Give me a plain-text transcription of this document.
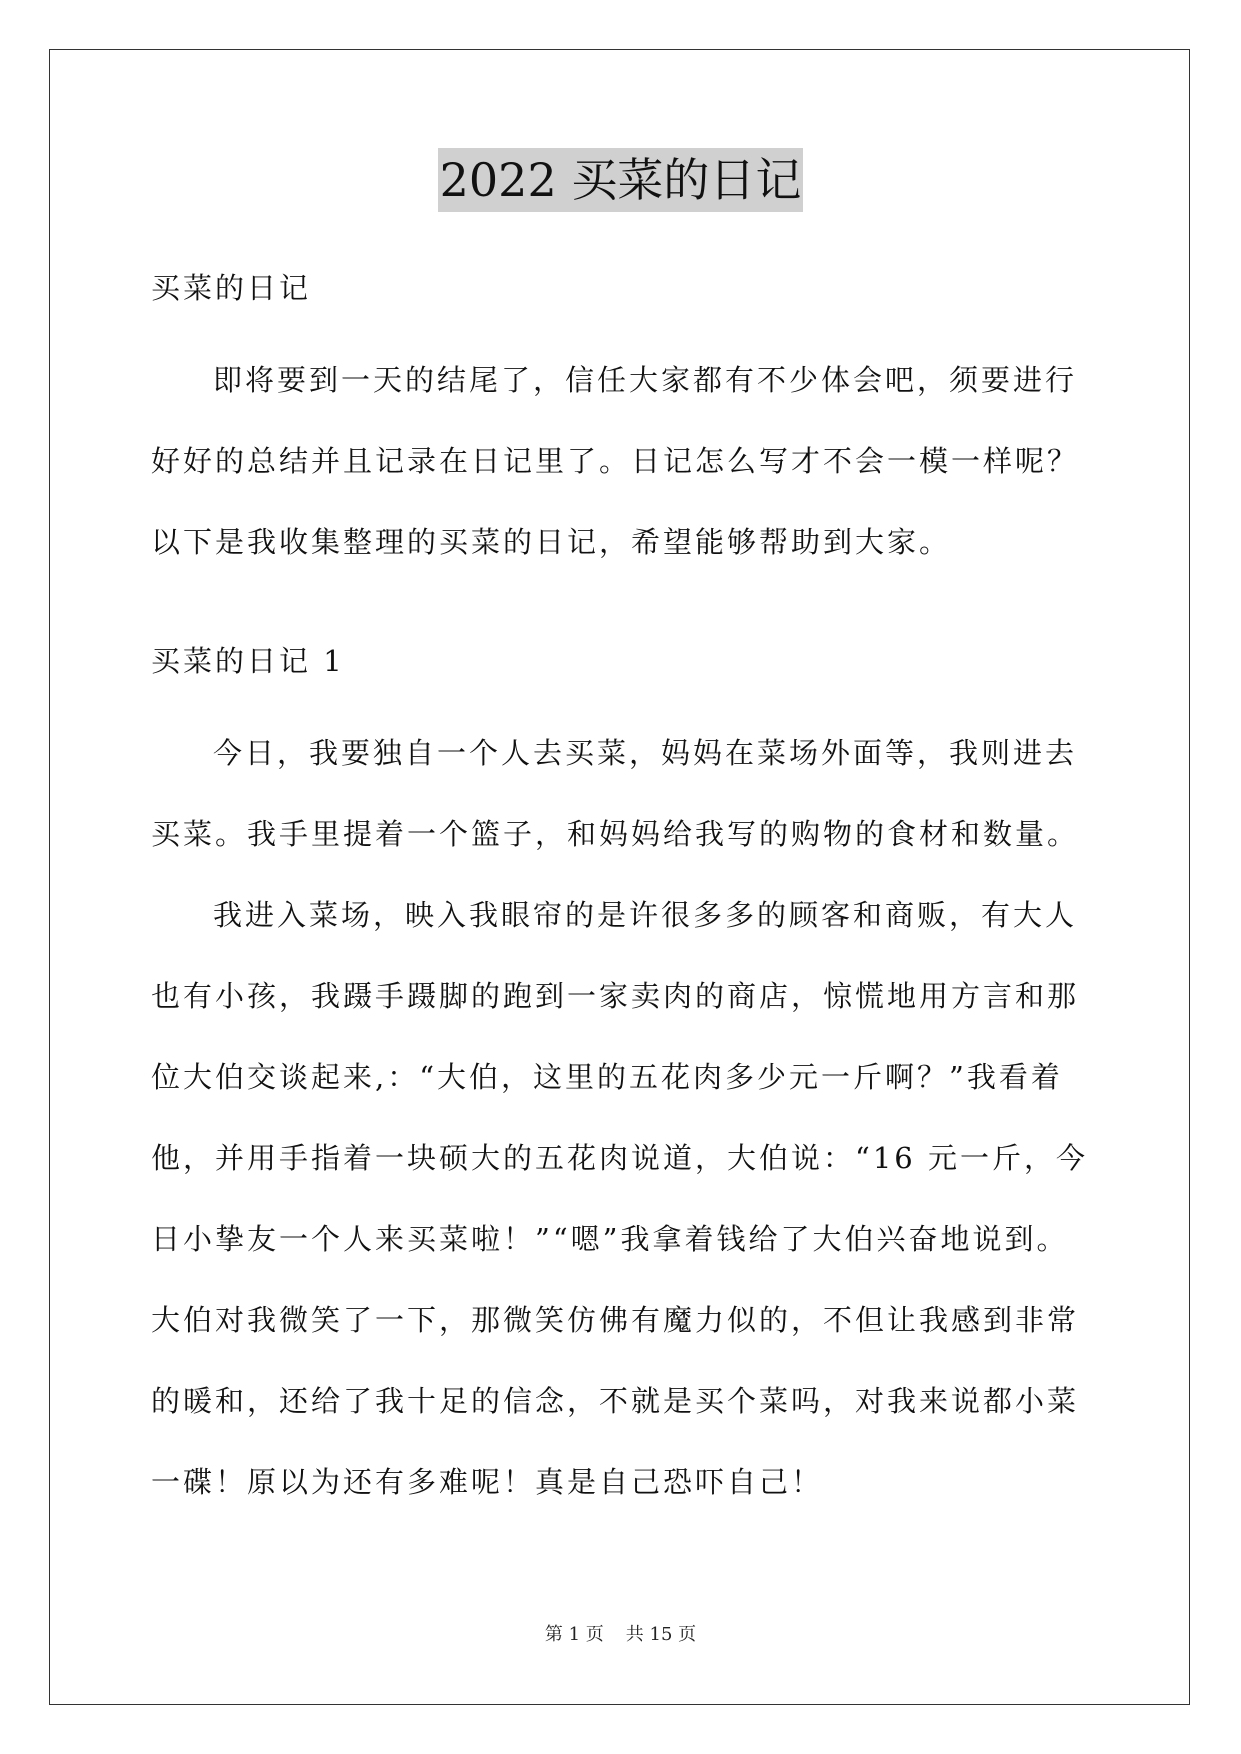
2022 买菜的日记

买菜的日记

即将要到一天的结尾了，信任大家都有不少体会吧，须要进行好好的总结并且记录在日记里了。日记怎么写才不会一模一样呢？以下是我收集整理的买菜的日记，希望能够帮助到大家。

买菜的日记 1

今日，我要独自一个人去买菜，妈妈在菜场外面等，我则进去买菜。我手里提着一个篮子，和妈妈给我写的购物的食材和数量。

我进入菜场，映入我眼帘的是许很多多的顾客和商贩，有大人也有小孩，我蹑手蹑脚的跑到一家卖肉的商店，惊慌地用方言和那位大伯交谈起来,：“大伯，这里的五花肉多少元一斤啊？”我看着他，并用手指着一块硕大的五花肉说道，大伯说：“16 元一斤，今日小挚友一个人来买菜啦！”“嗯”我拿着钱给了大伯兴奋地说到。大伯对我微笑了一下，那微笑仿佛有魔力似的，不但让我感到非常的暖和，还给了我十足的信念，不就是买个菜吗，对我来说都小菜一碟！原以为还有多难呢！真是自己恐吓自己！

第 1 页 共 15 页
